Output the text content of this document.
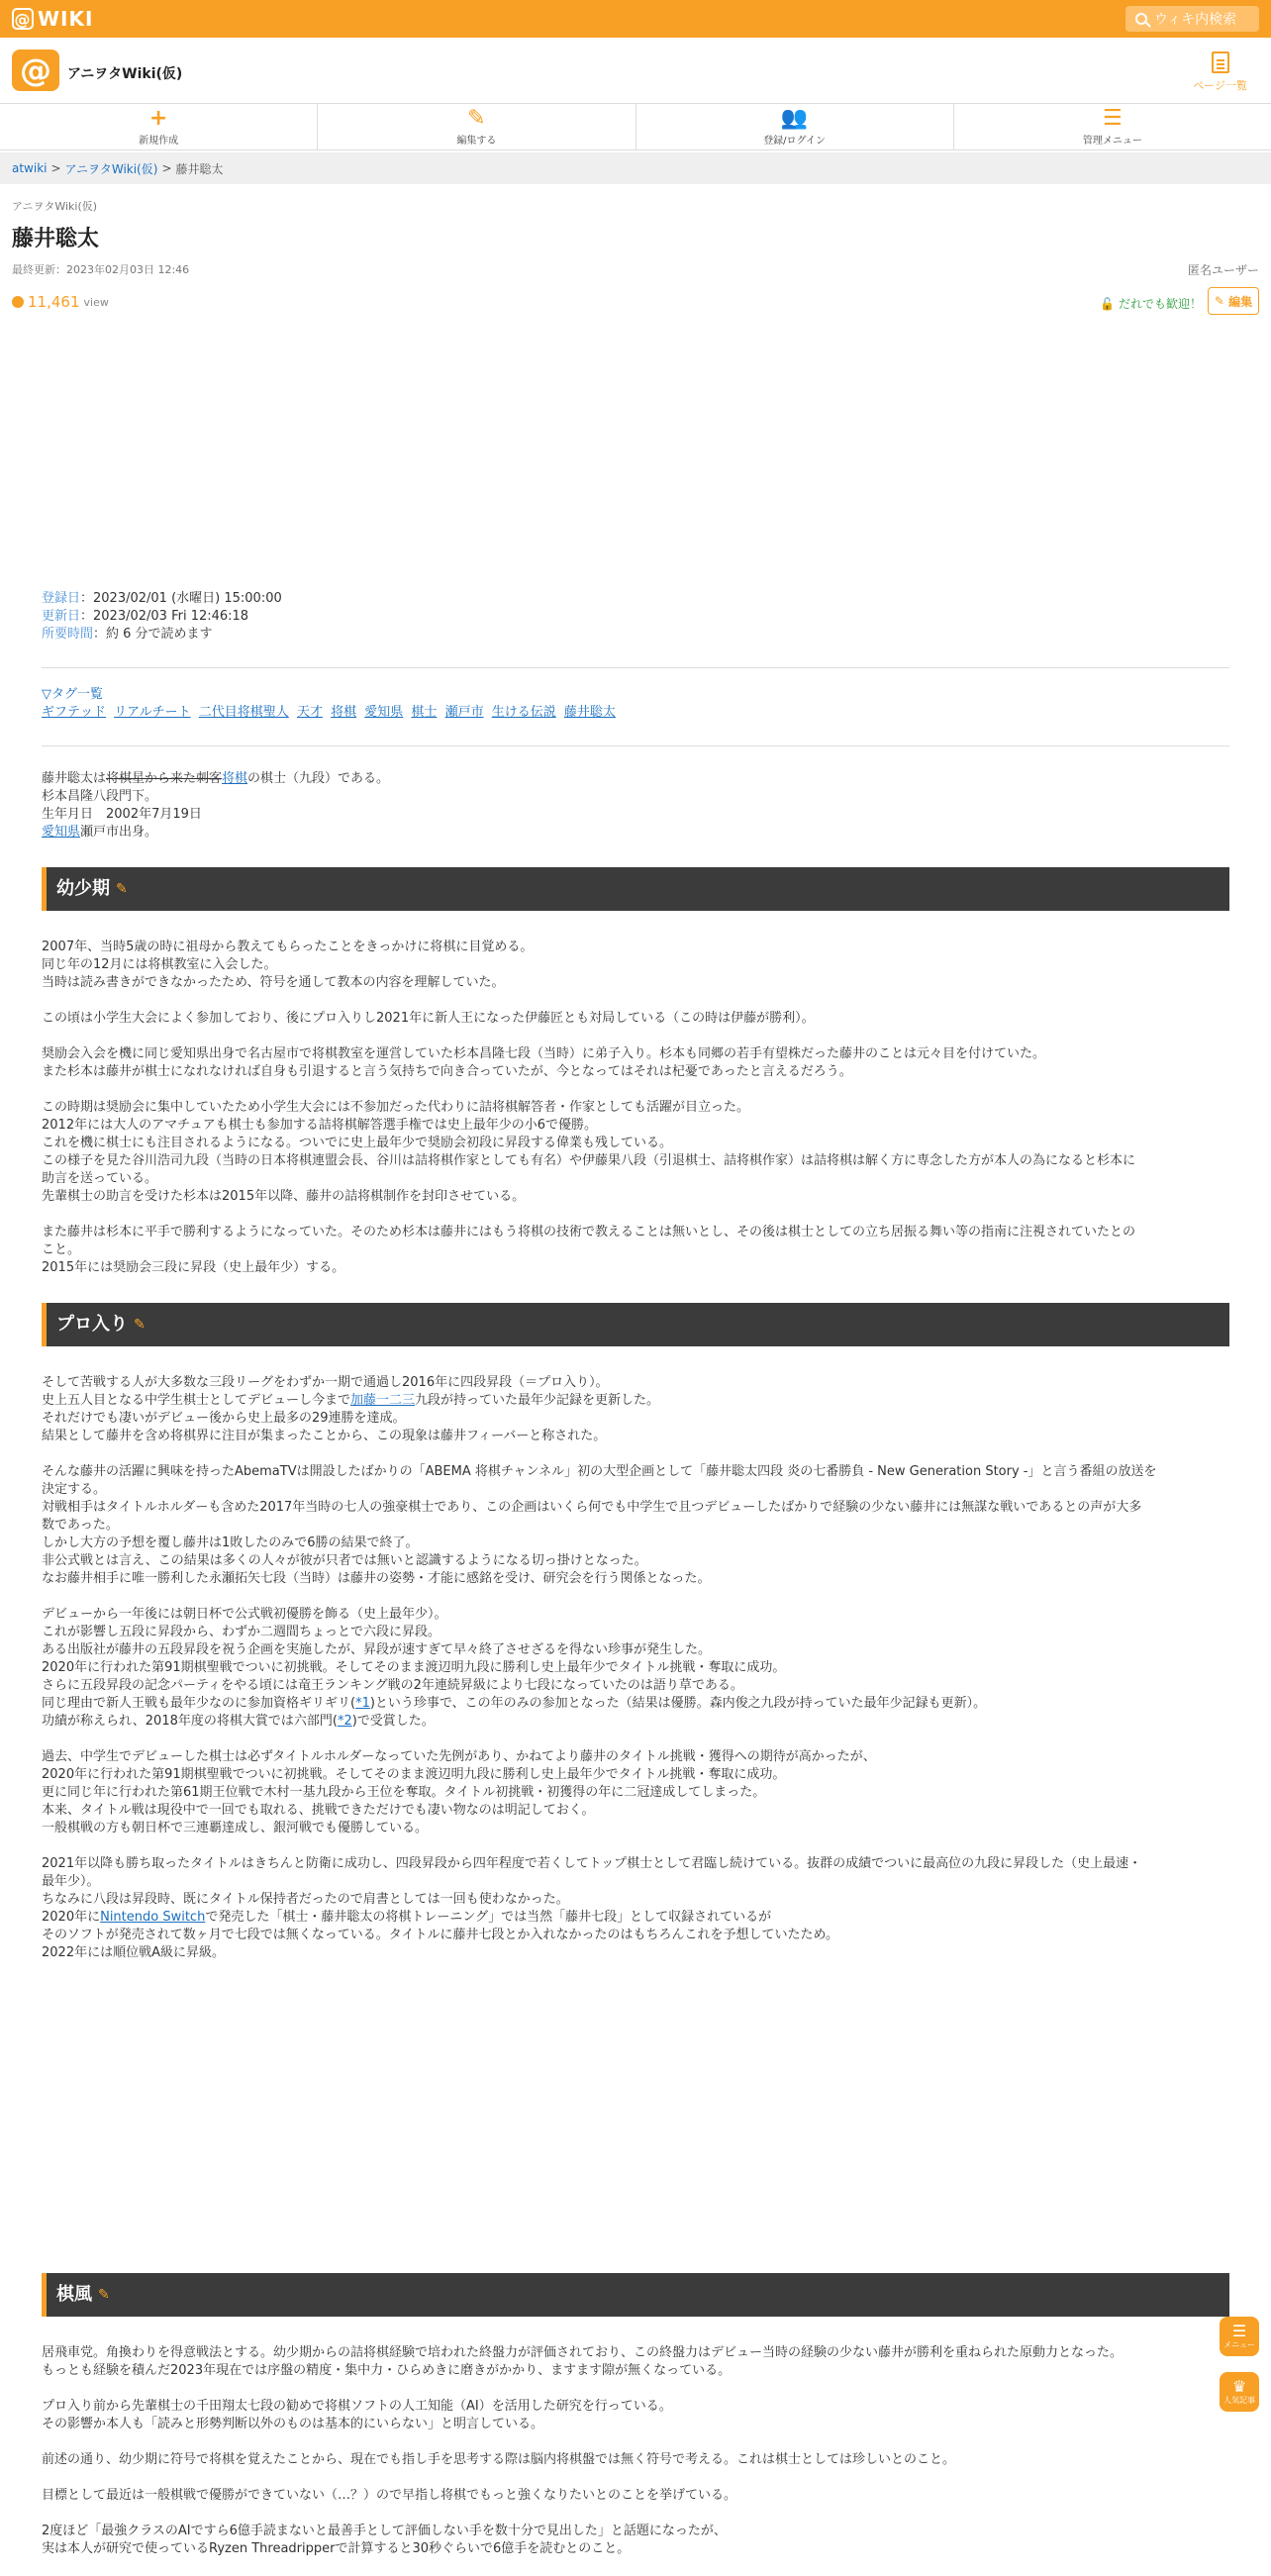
@ WIKI	ウィキ内検索
@	アニヲタWiki(仮)
ページ一覧
+
新規作成
✎
編集する
👥
登録/ログイン
☰
管理メニュー
atwiki > アニヲタWiki(仮) > 藤井聡太
アニヲタWiki(仮)
藤井聡太
最終更新：2023年02月03日 12:46	匿名ユーザー
11,461 view	🔓 だれでも歓迎！ ✎ 編集
登録日：2023/02/01 (水曜日) 15:00:00
更新日：2023/02/03 Fri 12:46:18
所要時間：約 6 分で読めます
▽タグ一覧
ギフテッド リアルチート 二代目将棋聖人 天才 将棋 愛知県 棋士 瀬戸市 生ける伝説 藤井聡太
藤井聡太は将棋星から来た刺客将棋の棋士（九段）である。
杉本昌隆八段門下。
生年月日　2002年7月19日
愛知県瀬戸市出身。
幼少期 ✎

2007年、当時5歳の時に祖母から教えてもらったことをきっかけに将棋に目覚める。

同じ年の12月には将棋教室に入会した。

当時は読み書きができなかったため、符号を通して教本の内容を理解していた。

この頃は小学生大会によく参加しており、後にプロ入りし2021年に新人王になった伊藤匠とも対局している（この時は伊藤が勝利）。

奨励会入会を機に同じ愛知県出身で名古屋市で将棋教室を運営していた杉本昌隆七段（当時）に弟子入り。杉本も同郷の若手有望株だった藤井のことは元々目を付けていた。

また杉本は藤井が棋士になれなければ自身も引退すると言う気持ちで向き合っていたが、今となってはそれは杞憂であったと言えるだろう。

この時期は奨励会に集中していたため小学生大会には不参加だった代わりに詰将棋解答者・作家としても活躍が目立った。

2012年には大人のアマチュアも棋士も参加する詰将棋解答選手権では史上最年少の小6で優勝。

これを機に棋士にも注目されるようになる。ついでに史上最年少で奨励会初段に昇段する偉業も残している。

この様子を見た谷川浩司九段（当時の日本将棋連盟会長、谷川は詰将棋作家としても有名）や伊藤果八段（引退棋士、詰将棋作家）は詰将棋は解く方に専念した方が本人の為になると杉本に

助言を送っている。

先輩棋士の助言を受けた杉本は2015年以降、藤井の詰将棋制作を封印させている。

また藤井は杉本に平手で勝利するようになっていた。そのため杉本は藤井にはもう将棋の技術で教えることは無いとし、その後は棋士としての立ち居振る舞い等の指南に注視されていたとの

こと。

2015年には奨励会三段に昇段（史上最年少）する。

プロ入り ✎

そして苦戦する人が大多数な三段リーグをわずか一期で通過し2016年に四段昇段（＝プロ入り）。

史上五人目となる中学生棋士としてデビューし今まで加藤一二三九段が持っていた最年少記録を更新した。

それだけでも凄いがデビュー後から史上最多の29連勝を達成。

結果として藤井を含め将棋界に注目が集まったことから、この現象は藤井フィーバーと称された。

そんな藤井の活躍に興味を持ったAbemaTVは開設したばかりの「ABEMA 将棋チャンネル」初の大型企画として「藤井聡太四段 炎の七番勝負 - New Generation Story -」と言う番組の放送を

決定する。

対戦相手はタイトルホルダーも含めた2017年当時の七人の強豪棋士であり、この企画はいくら何でも中学生で且つデビューしたばかりで経験の少ない藤井には無謀な戦いであるとの声が大多

数であった。

しかし大方の予想を覆し藤井は1敗したのみで6勝の結果で終了。

非公式戦とは言え、この結果は多くの人々が彼が只者では無いと認識するようになる切っ掛けとなった。

なお藤井相手に唯一勝利した永瀬拓矢七段（当時）は藤井の姿勢・才能に感銘を受け、研究会を行う関係となった。

デビューから一年後には朝日杯で公式戦初優勝を飾る（史上最年少）。

これが影響し五段に昇段から、わずか二週間ちょっとで六段に昇段。

ある出版社が藤井の五段昇段を祝う企画を実施したが、昇段が速すぎて早々終了させざるを得ない珍事が発生した。

2020年に行われた第91期棋聖戦でついに初挑戦。そしてそのまま渡辺明九段に勝利し史上最年少でタイトル挑戦・奪取に成功。

さらに五段昇段の記念パーティをやる頃には竜王ランキング戦の2年連続昇級により七段になっていたのは語り草である。

同じ理由で新人王戦も最年少なのに参加資格ギリギリ(*1)という珍事で、この年のみの参加となった（結果は優勝。森内俊之九段が持っていた最年少記録も更新）。

功績が称えられ、2018年度の将棋大賞では六部門(*2)で受賞した。

過去、中学生でデビューした棋士は必ずタイトルホルダーなっていた先例があり、かねてより藤井のタイトル挑戦・獲得への期待が高かったが、

2020年に行われた第91期棋聖戦でついに初挑戦。そしてそのまま渡辺明九段に勝利し史上最年少でタイトル挑戦・奪取に成功。

更に同じ年に行われた第61期王位戦で木村一基九段から王位を奪取。タイトル初挑戦・初獲得の年に二冠達成してしまった。

本来、タイトル戦は現役中で一回でも取れる、挑戦できただけでも凄い物なのは明記しておく。

一般棋戦の方も朝日杯で三連覇達成し、銀河戦でも優勝している。

2021年以降も勝ち取ったタイトルはきちんと防衛に成功し、四段昇段から四年程度で若くしてトップ棋士として君臨し続けている。抜群の成績でついに最高位の九段に昇段した（史上最速・

最年少）。

ちなみに八段は昇段時、既にタイトル保持者だったので肩書としては一回も使わなかった。

2020年にNintendo Switchで発売した「棋士・藤井聡太の将棋トレーニング」では当然「藤井七段」として収録されているが

そのソフトが発売されて数ヶ月で七段では無くなっている。タイトルに藤井七段とか入れなかったのはもちろんこれを予想していたため。

2022年には順位戦A級に昇級。

棋風 ✎

居飛車党。角換わりを得意戦法とする。幼少期からの詰将棋経験で培われた終盤力が評価されており、この終盤力はデビュー当時の経験の少ない藤井が勝利を重ねられた原動力となった。

もっとも経験を積んだ2023年現在では序盤の精度・集中力・ひらめきに磨きがかかり、ますます隙が無くなっている。

プロ入り前から先輩棋士の千田翔太七段の勧めで将棋ソフトの人工知能（AI）を活用した研究を行っている。

その影響か本人も「読みと形勢判断以外のものは基本的にいらない」と明言している。

前述の通り、幼少期に符号で将棋を覚えたことから、現在でも指し手を思考する際は脳内将棋盤では無く符号で考える。これは棋士としては珍しいとのこと。

目標として最近は一般棋戦で優勝ができていない（…？）ので早指し将棋でもっと強くなりたいとのことを挙げている。

2度ほど「最強クラスのAIですら6億手読まないと最善手として評価しない手を数十分で見出した」と話題になったが、

実は本人が研究で使っているRyzen Threadripperで計算すると30秒ぐらいで6億手を読むとのこと。

☰
メニュー
♛
人気記事
